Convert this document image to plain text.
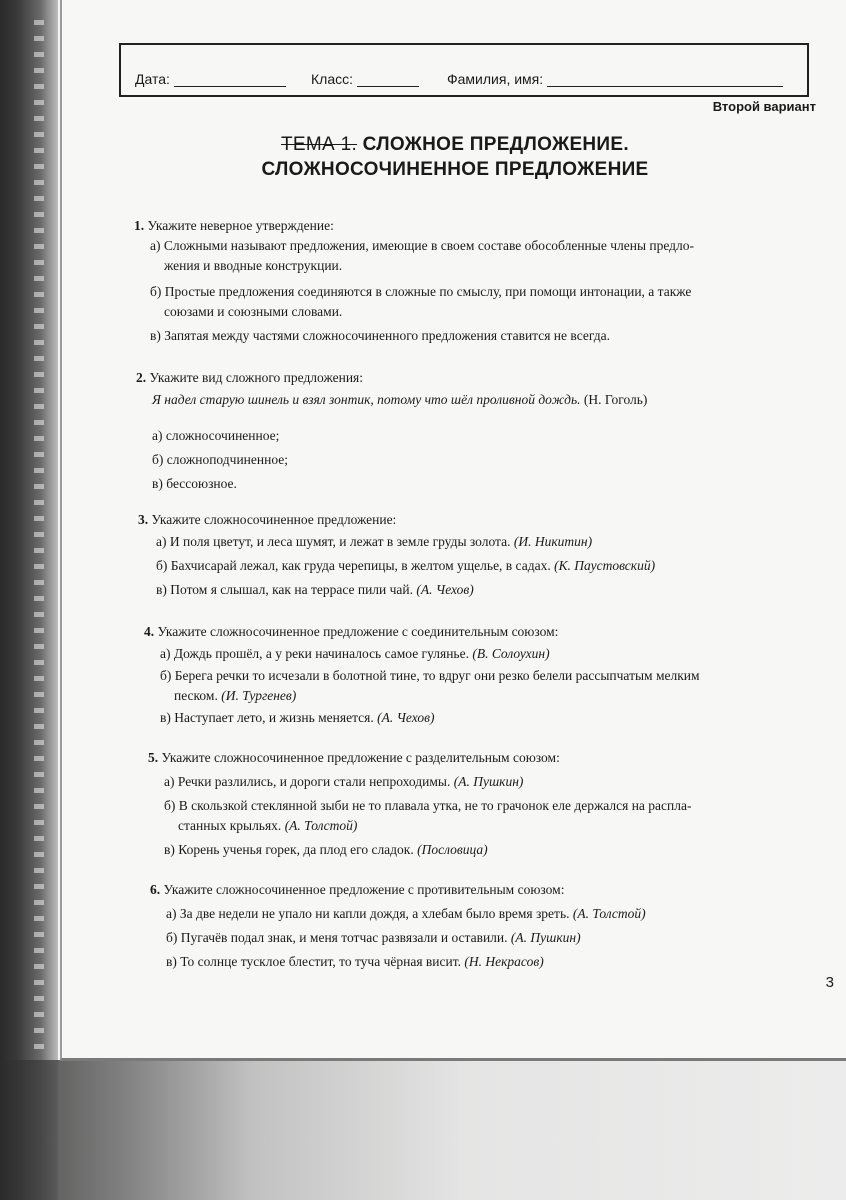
Дата:	Класс:	Фамилия, имя:
Второй вариант
ТЕМА 1. СЛОЖНОЕ ПРЕДЛОЖЕНИЕ.
СЛОЖНОСОЧИНЕННОЕ ПРЕДЛОЖЕНИЕ
1. Укажите неверное утверждение:
а) Сложными называют предложения, имеющие в своем составе обособленные члены предло-
жения и вводные конструкции.
б) Простые предложения соединяются в сложные по смыслу, при помощи интонации, а также
союзами и союзными словами.
в) Запятая между частями сложносочиненного предложения ставится не всегда.
2. Укажите вид сложного предложения:
Я надел старую шинель и взял зонтик, потому что шёл проливной дождь. (Н. Гоголь)
а) сложносочиненное;
б) сложноподчиненное;
в) бессоюзное.
3. Укажите сложносочиненное предложение:
а) И поля цветут, и леса шумят, и лежат в земле груды золота. (И. Никитин)
б) Бахчисарай лежал, как груда черепицы, в желтом ущелье, в садах. (К. Паустовский)
в) Потом я слышал, как на террасе пили чай. (А. Чехов)
4. Укажите сложносочиненное предложение с соединительным союзом:
а) Дождь прошёл, а у реки начиналось самое гулянье. (В. Солоухин)
б) Берега речки то исчезали в болотной тине, то вдруг они резко белели рассыпчатым мелким
песком. (И. Тургенев)
в) Наступает лето, и жизнь меняется. (А. Чехов)
5. Укажите сложносочиненное предложение с разделительным союзом:
а) Речки разлились, и дороги стали непроходимы. (А. Пушкин)
б) В скользкой стеклянной зыби не то плавала утка, не то грачонок еле держался на распла-
станных крыльях. (А. Толстой)
в) Корень ученья горек, да плод его сладок. (Пословица)
6. Укажите сложносочиненное предложение с противительным союзом:
а) За две недели не упало ни капли дождя, а хлебам было время зреть. (А. Толстой)
б) Пугачёв подал знак, и меня тотчас развязали и оставили. (А. Пушкин)
в) То солнце тусклое блестит, то туча чёрная висит. (Н. Некрасов)
3
